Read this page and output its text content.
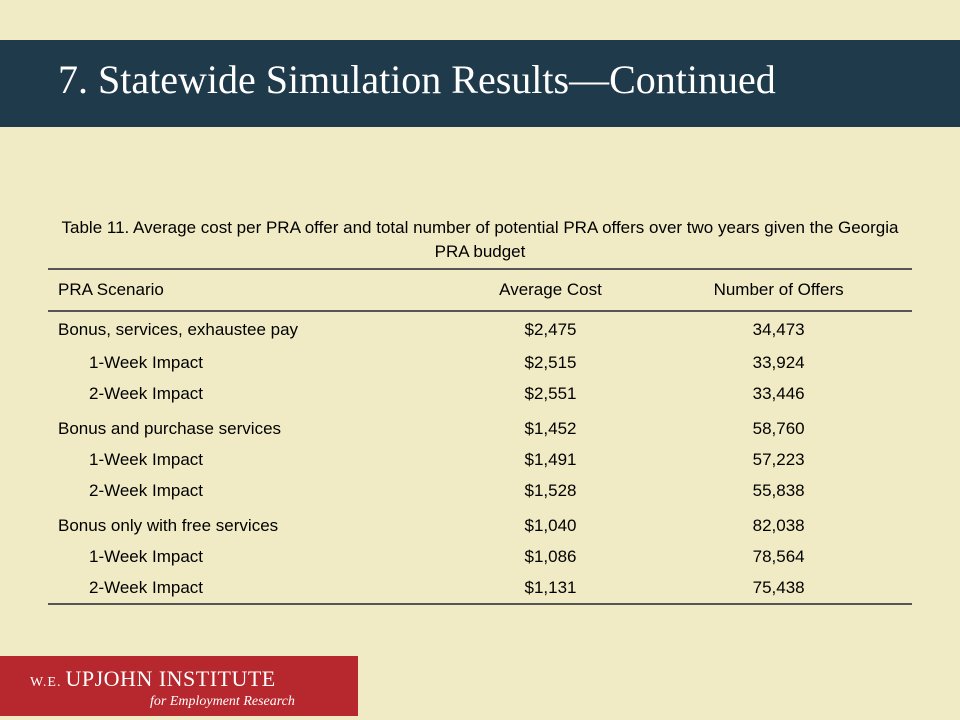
7. Statewide Simulation Results—Continued
Table 11. Average cost per PRA offer and total number of potential PRA offers over two years given the Georgia PRA budget
PRA Scenario	Average Cost	Number of Offers
Bonus, services, exhaustee pay	$2,475	34,473
1-Week Impact	$2,515	33,924
2-Week Impact	$2,551	33,446
Bonus and purchase services	$1,452	58,760
1-Week Impact	$1,491	57,223
2-Week Impact	$1,528	55,838
Bonus only with free services	$1,040	82,038
1-Week Impact	$1,086	78,564
2-Week Impact	$1,131	75,438
W.E. UPJOHN INSTITUTE
for Employment Research
